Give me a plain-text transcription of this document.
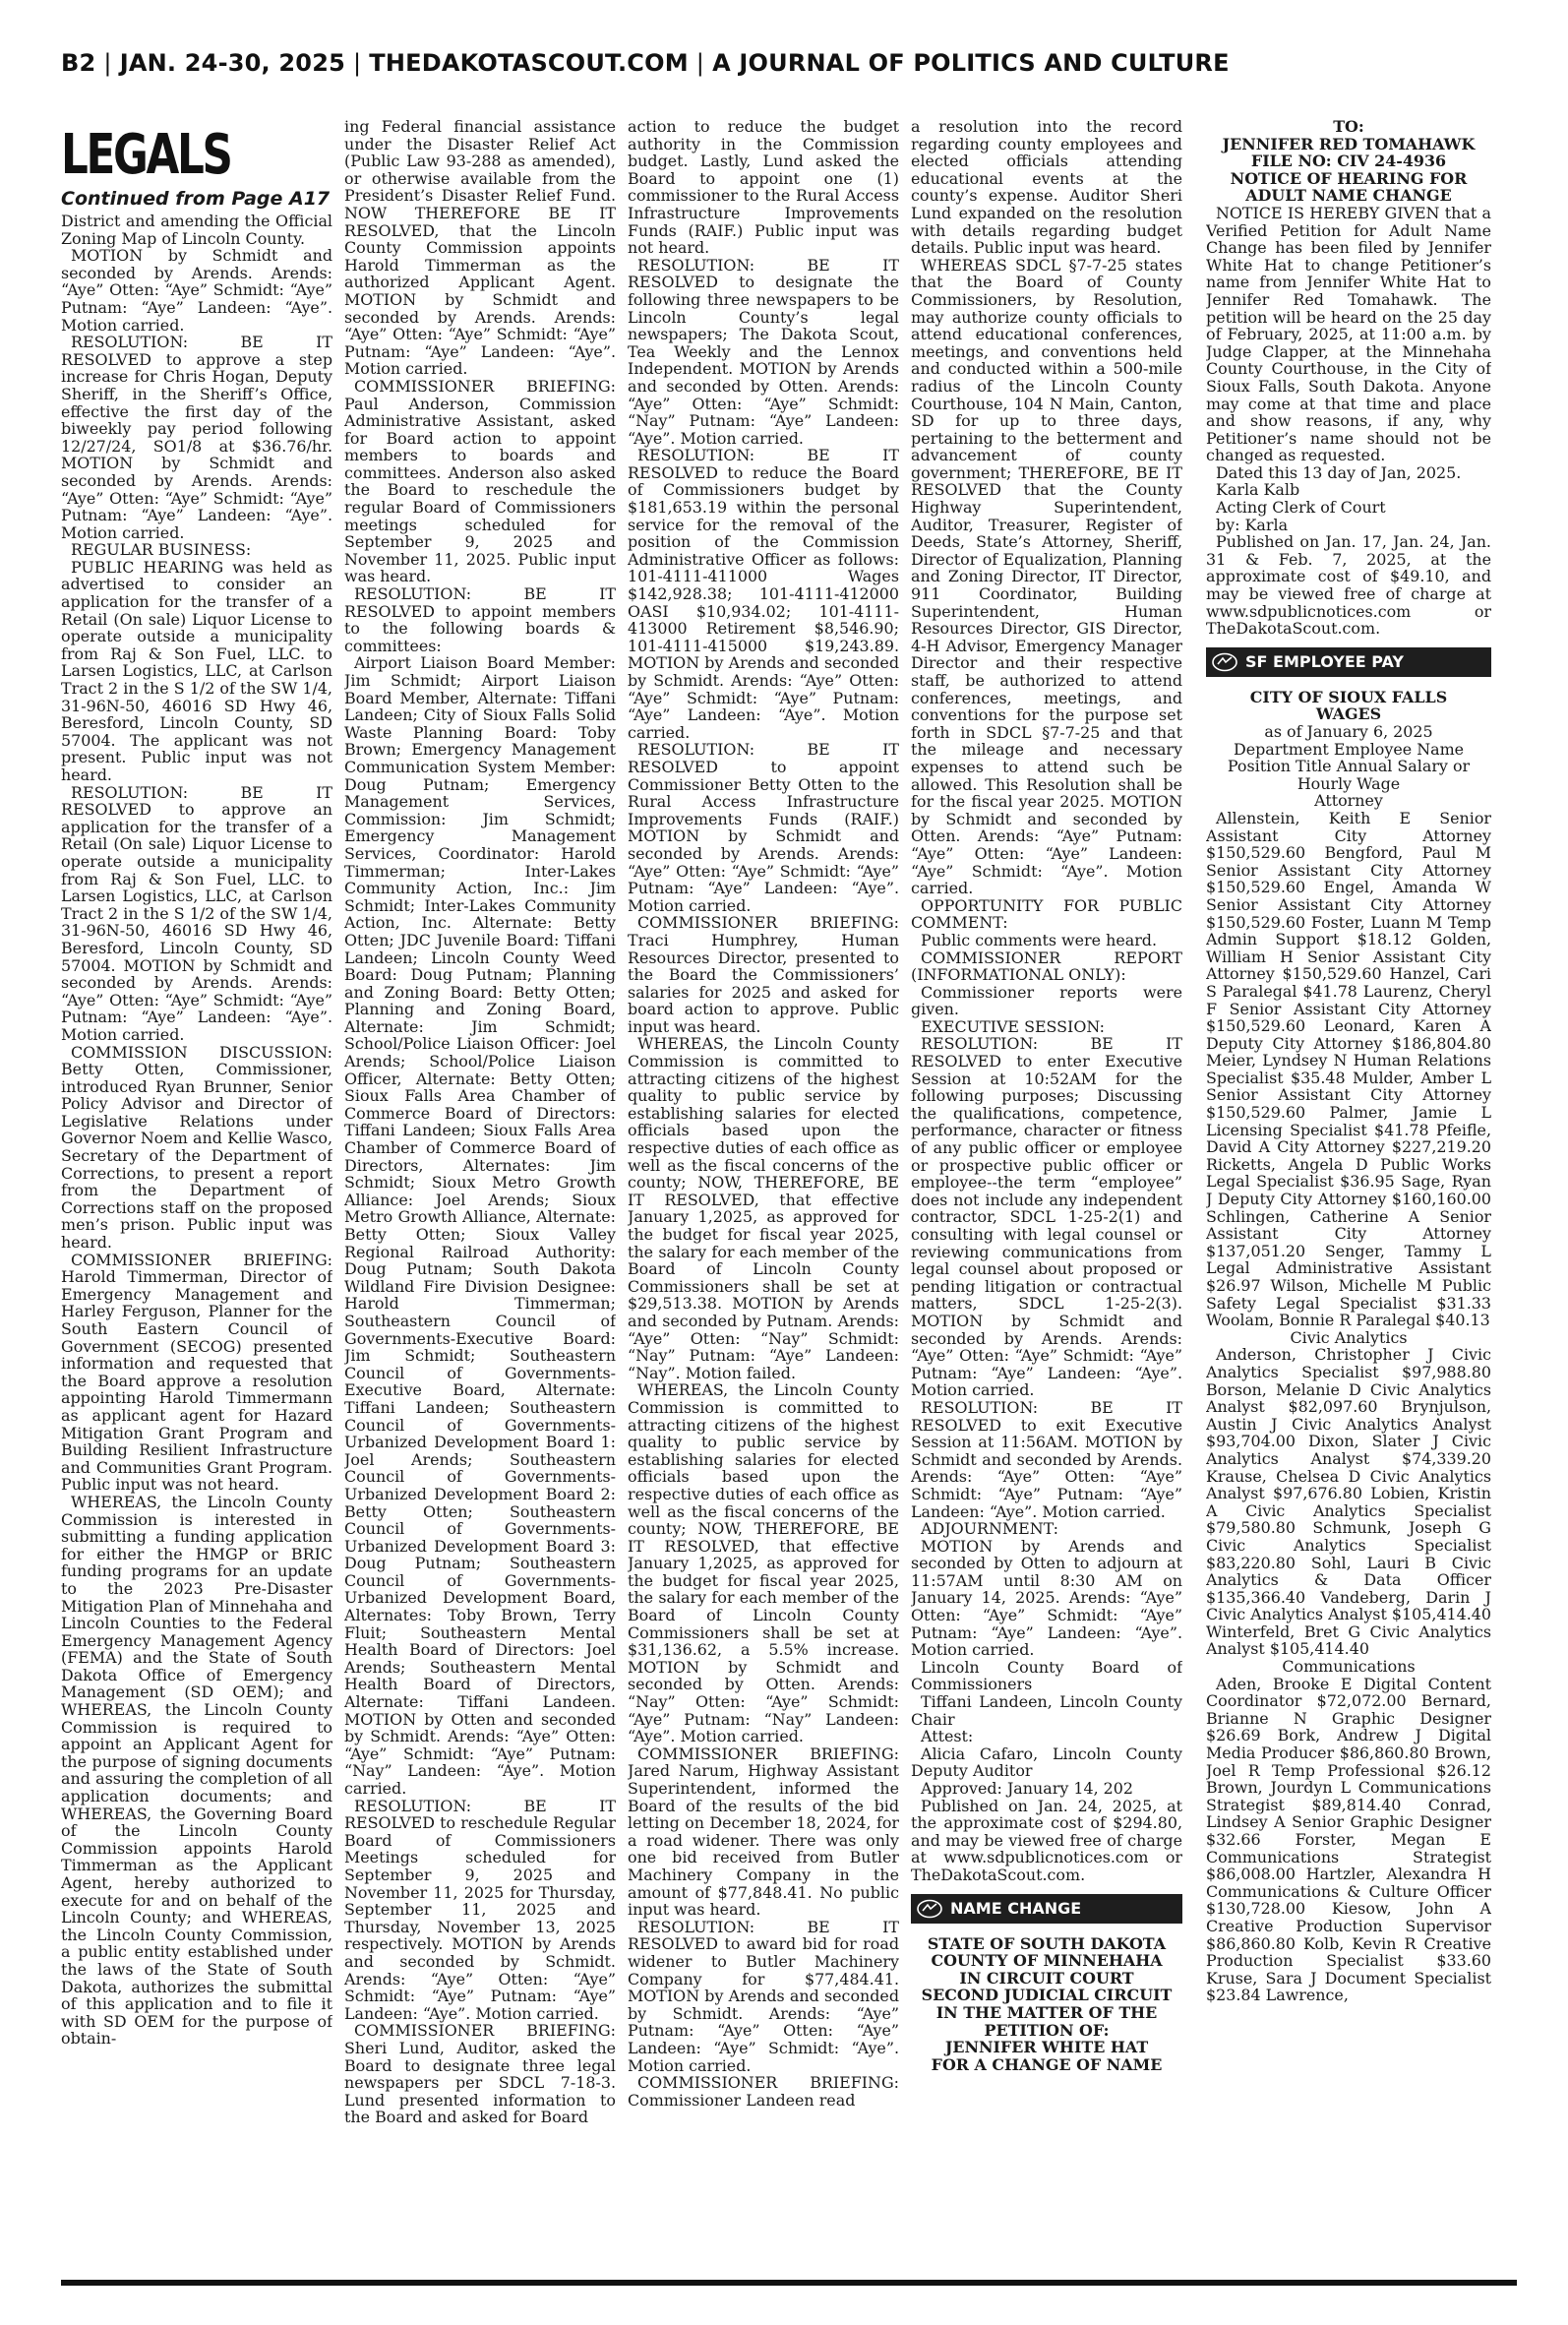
B2 | JAN. 24-30, 2025 | THEDAKOTASCOUT.COM | A JOURNAL OF POLITICS AND CULTURE
LEGALS
Continued from Page A17

District and amending the Official Zoning Map of Lincoln County.

MOTION by Schmidt and seconded by Arends. Arends: “Aye” Otten: “Aye” Schmidt: “Aye” Putnam: “Aye” Landeen: “Aye”. Motion carried.

RESOLUTION: BE IT RESOLVED to approve a step increase for Chris Hogan, Deputy Sheriff, in the Sheriff’s Office, effective the first day of the biweekly pay period following 12/27/24, SO1/8 at $36.76/hr. MOTION by Schmidt and seconded by Arends. Arends: “Aye” Otten: “Aye” Schmidt: “Aye” Putnam: “Aye” Landeen: “Aye”. Motion carried.

REGULAR BUSINESS:

PUBLIC HEARING was held as advertised to consider an application for the transfer of a Retail (On sale) Liquor License to operate outside a municipality from Raj & Son Fuel, LLC. to Larsen Logistics, LLC, at Carlson Tract 2 in the S 1/2 of the SW 1/4, 31-96N-50, 46016 SD Hwy 46, Beresford, Lincoln County, SD 57004. The applicant was not present. Public input was not heard.

RESOLUTION: BE IT RESOLVED to approve an application for the transfer of a Retail (On sale) Liquor License to operate outside a municipality from Raj & Son Fuel, LLC. to Larsen Logistics, LLC, at Carlson Tract 2 in the S 1/2 of the SW 1/4, 31-96N-50, 46016 SD Hwy 46, Beresford, Lincoln County, SD 57004. MOTION by Schmidt and seconded by Arends. Arends: “Aye” Otten: “Aye” Schmidt: “Aye” Putnam: “Aye” Landeen: “Aye”. Motion carried.

COMMISSION DISCUSSION: Betty Otten, Commissioner, introduced Ryan Brunner, Senior Policy Advisor and Director of Legislative Relations under Governor Noem and Kellie Wasco, Secretary of the Department of Corrections, to present a report from the Department of Corrections staff on the proposed men’s prison. Public input was heard.

COMMISSIONER BRIEFING: Harold Timmerman, Director of Emergency Management and Harley Ferguson, Planner for the South Eastern Council of Government (SECOG) presented information and requested that the Board approve a resolution appointing Harold Timmermann as applicant agent for Hazard Mitigation Grant Program and Building Resilient Infrastructure and Communities Grant Program. Public input was not heard.

WHEREAS, the Lincoln County Commission is interested in submitting a funding application for either the HMGP or BRIC funding programs for an update to the 2023 Pre-Disaster Mitigation Plan of Minnehaha and Lincoln Counties to the Federal Emergency Management Agency (FEMA) and the State of South Dakota Office of Emergency Management (SD OEM); and WHEREAS, the Lincoln County Commission is required to appoint an Applicant Agent for the purpose of signing documents and assuring the completion of all application documents; and WHEREAS, the Governing Board of the Lincoln County Commission appoints Harold Timmerman as the Applicant Agent, hereby authorized to execute for and on behalf of the Lincoln County; and WHEREAS, the Lincoln County Commission, a public entity established under the laws of the State of South Dakota, authorizes the submittal of this application and to file it with SD OEM for the purpose of obtain-

ing Federal financial assistance under the Disaster Relief Act (Public Law 93-288 as amended), or otherwise available from the President’s Disaster Relief Fund. NOW THEREFORE BE IT RESOLVED, that the Lincoln County Commission appoints Harold Timmerman as the authorized Applicant Agent. MOTION by Schmidt and seconded by Arends. Arends: “Aye” Otten: “Aye” Schmidt: “Aye” Putnam: “Aye” Landeen: “Aye”. Motion carried.

COMMISSIONER BRIEFING: Paul Anderson, Commission Administrative Assistant, asked for Board action to appoint members to boards and committees. Anderson also asked the Board to reschedule the regular Board of Commissioners meetings scheduled for September 9, 2025 and November 11, 2025. Public input was heard.

RESOLUTION: BE IT RESOLVED to appoint members to the following boards & committees:

Airport Liaison Board Member: Jim Schmidt; Airport Liaison Board Member, Alternate: Tiffani Landeen; City of Sioux Falls Solid Waste Planning Board: Toby Brown; Emergency Management Communication System Member: Doug Putnam; Emergency Management Services, Commission: Jim Schmidt; Emergency Management Services, Coordinator: Harold Timmerman; Inter-Lakes Community Action, Inc.: Jim Schmidt; Inter-Lakes Community Action, Inc. Alternate: Betty Otten; JDC Juvenile Board: Tiffani Landeen; Lincoln County Weed Board: Doug Putnam; Planning and Zoning Board: Betty Otten; Planning and Zoning Board, Alternate: Jim Schmidt; School/Police Liaison Officer: Joel Arends; School/Police Liaison Officer, Alternate: Betty Otten; Sioux Falls Area Chamber of Commerce Board of Directors: Tiffani Landeen; Sioux Falls Area Chamber of Commerce Board of Directors, Alternates: Jim Schmidt; Sioux Metro Growth Alliance: Joel Arends; Sioux Metro Growth Alliance, Alternate: Betty Otten; Sioux Valley Regional Railroad Authority: Doug Putnam; South Dakota Wildland Fire Division Designee: Harold Timmerman; Southeastern Council of Governments-Executive Board: Jim Schmidt; Southeastern Council of Governments-Executive Board, Alternate: Tiffani Landeen; Southeastern Council of Governments-Urbanized Development Board 1: Joel Arends; Southeastern Council of Governments-Urbanized Development Board 2: Betty Otten; Southeastern Council of Governments-Urbanized Development Board 3: Doug Putnam; Southeastern Council of Governments-Urbanized Development Board, Alternates: Toby Brown, Terry Fluit; Southeastern Mental Health Board of Directors: Joel Arends; Southeastern Mental Health Board of Directors, Alternate: Tiffani Landeen. MOTION by Otten and seconded by Schmidt. Arends: “Aye” Otten: “Aye” Schmidt: “Aye” Putnam: “Nay” Landeen: “Aye”. Motion carried.

RESOLUTION: BE IT RESOLVED to reschedule Regular Board of Commissioners Meetings scheduled for September 9, 2025 and November 11, 2025 for Thursday, September 11, 2025 and Thursday, November 13, 2025 respectively. MOTION by Arends and seconded by Schmidt. Arends: “Aye” Otten: “Aye” Schmidt: “Aye” Putnam: “Aye” Landeen: “Aye”. Motion carried.

COMMISSIONER BRIEFING: Sheri Lund, Auditor, asked the Board to designate three legal newspapers per SDCL 7-18-3. Lund presented information to the Board and asked for Board

action to reduce the budget authority in the Commission budget. Lastly, Lund asked the Board to appoint one (1) commissioner to the Rural Access Infrastructure Improvements Funds (RAIF.) Public input was not heard.

RESOLUTION: BE IT RESOLVED to designate the following three newspapers to be Lincoln County’s legal newspapers; The Dakota Scout, Tea Weekly and the Lennox Independent. MOTION by Arends and seconded by Otten. Arends: “Aye” Otten: “Aye” Schmidt: “Nay” Putnam: “Aye” Landeen: “Aye”. Motion carried.

RESOLUTION: BE IT RESOLVED to reduce the Board of Commissioners budget by $181,653.19 within the personal service for the removal of the position of the Commission Administrative Officer as follows: 101-4111-411000 Wages $142,928.38; 101-4111-412000 OASI $10,934.02; 101-4111-413000 Retirement $8,546.90; 101-4111-415000 $19,243.89. MOTION by Arends and seconded by Schmidt. Arends: “Aye” Otten: “Aye” Schmidt: “Aye” Putnam: “Aye” Landeen: “Aye”. Motion carried.

RESOLUTION: BE IT RESOLVED to appoint Commissioner Betty Otten to the Rural Access Infrastructure Improvements Funds (RAIF.) MOTION by Schmidt and seconded by Arends. Arends: “Aye” Otten: “Aye” Schmidt: “Aye” Putnam: “Aye” Landeen: “Aye”. Motion carried.

COMMISSIONER BRIEFING: Traci Humphrey, Human Resources Director, presented to the Board the Commissioners’ salaries for 2025 and asked for board action to approve. Public input was heard.

WHEREAS, the Lincoln County Commission is committed to attracting citizens of the highest quality to public service by establishing salaries for elected officials based upon the respective duties of each office as well as the fiscal concerns of the county; NOW, THEREFORE, BE IT RESOLVED, that effective January 1,2025, as approved for the budget for fiscal year 2025, the salary for each member of the Board of Lincoln County Commissioners shall be set at $29,513.38. MOTION by Arends and seconded by Putnam. Arends: “Aye” Otten: “Nay” Schmidt: “Nay” Putnam: “Aye” Landeen: “Nay”. Motion failed.

WHEREAS, the Lincoln County Commission is committed to attracting citizens of the highest quality to public service by establishing salaries for elected officials based upon the respective duties of each office as well as the fiscal concerns of the county; NOW, THEREFORE, BE IT RESOLVED, that effective January 1,2025, as approved for the budget for fiscal year 2025, the salary for each member of the Board of Lincoln County Commissioners shall be set at $31,136.62, a 5.5% increase. MOTION by Schmidt and seconded by Otten. Arends: “Nay” Otten: “Aye” Schmidt: “Aye” Putnam: “Nay” Landeen: “Aye”. Motion carried.

COMMISSIONER BRIEFING: Jared Narum, Highway Assistant Superintendent, informed the Board of the results of the bid letting on December 18, 2024, for a road widener. There was only one bid received from Butler Machinery Company in the amount of $77,848.41. No public input was heard.

RESOLUTION: BE IT RESOLVED to award bid for road widener to Butler Machinery Company for $77,484.41. MOTION by Arends and seconded by Schmidt. Arends: “Aye” Putnam: “Aye” Otten: “Aye” Landeen: “Aye” Schmidt: “Aye”. Motion carried.

COMMISSIONER BRIEFING: Commissioner Landeen read

a resolution into the record regarding county employees and elected officials attending educational events at the county’s expense. Auditor Sheri Lund expanded on the resolution with details regarding budget details. Public input was heard.

WHEREAS SDCL §7-7-25 states that the Board of County Commissioners, by Resolution, may authorize county officials to attend educational conferences, meetings, and conventions held and conducted within a 500-mile radius of the Lincoln County Courthouse, 104 N Main, Canton, SD for up to three days, pertaining to the betterment and advancement of county government; THEREFORE, BE IT RESOLVED that the County Highway Superintendent, Auditor, Treasurer, Register of Deeds, State’s Attorney, Sheriff, Director of Equalization, Planning and Zoning Director, IT Director, 911 Coordinator, Building Superintendent, Human Resources Director, GIS Director, 4-H Advisor, Emergency Manager Director and their respective staff, be authorized to attend conferences, meetings, and conventions for the purpose set forth in SDCL §7-7-25 and that the mileage and necessary expenses to attend such be allowed. This Resolution shall be for the fiscal year 2025. MOTION by Schmidt and seconded by Otten. Arends: “Aye” Putnam: “Aye” Otten: “Aye” Landeen: “Aye” Schmidt: “Aye”. Motion carried.

OPPORTUNITY FOR PUBLIC COMMENT:

Public comments were heard.

COMMISSIONER REPORT (INFORMATIONAL ONLY):

Commissioner reports were given.

EXECUTIVE SESSION:

RESOLUTION: BE IT RESOLVED to enter Executive Session at 10:52AM for the following purposes; Discussing the qualifications, competence, performance, character or fitness of any public officer or employee or prospective public officer or employee--the term “employee” does not include any independent contractor, SDCL 1-25-2(1) and consulting with legal counsel or reviewing communications from legal counsel about proposed or pending litigation or contractual matters, SDCL 1-25-2(3). MOTION by Schmidt and seconded by Arends. Arends: “Aye” Otten: “Aye” Schmidt: “Aye” Putnam: “Aye” Landeen: “Aye”. Motion carried.

RESOLUTION: BE IT RESOLVED to exit Executive Session at 11:56AM. MOTION by Schmidt and seconded by Arends. Arends: “Aye” Otten: “Aye” Schmidt: “Aye” Putnam: “Aye” Landeen: “Aye”. Motion carried.

ADJOURNMENT:

MOTION by Arends and seconded by Otten to adjourn at 11:57AM until 8:30 AM on January 14, 2025. Arends: “Aye” Otten: “Aye” Schmidt: “Aye” Putnam: “Aye” Landeen: “Aye”. Motion carried.

Lincoln County Board of Commissioners

Tiffani Landeen, Lincoln County Chair

Attest:

Alicia Cafaro, Lincoln County Deputy Auditor

Approved: January 14, 202

Published on Jan. 24, 2025, at the approximate cost of $294.80, and may be viewed free of charge at www.sdpublicnotices.com or TheDakotaScout.com.

NAME CHANGE

STATE OF SOUTH DAKOTA

COUNTY OF MINNEHAHA

IN CIRCUIT COURT

SECOND JUDICIAL CIRCUIT

IN THE MATTER OF THE

PETITION OF:

JENNIFER WHITE HAT

FOR A CHANGE OF NAME

TO:

JENNIFER RED TOMAHAWK

FILE NO: CIV 24-4936

NOTICE OF HEARING FOR

ADULT NAME CHANGE

NOTICE IS HEREBY GIVEN that a Verified Petition for Adult Name Change has been filed by Jennifer White Hat to change Petitioner’s name from Jennifer White Hat to Jennifer Red Tomahawk. The petition will be heard on the 25 day of February, 2025, at 11:00 a.m. by Judge Clapper, at the Minnehaha County Courthouse, in the City of Sioux Falls, South Dakota. Anyone may come at that time and place and show reasons, if any, why Petitioner’s name should not be changed as requested.

Dated this 13 day of Jan, 2025.

Karla Kalb

Acting Clerk of Court

by: Karla

Published on Jan. 17, Jan. 24, Jan. 31 & Feb. 7, 2025, at the approximate cost of $49.10, and may be viewed free of charge at www.sdpublicnotices.com or TheDakotaScout.com.

SF EMPLOYEE PAY

CITY OF SIOUX FALLS

WAGES

as of January 6, 2025

Department Employee Name

Position Title Annual Salary or

Hourly Wage

Attorney

Allenstein, Keith E Senior Assistant City Attorney $150,529.60 Bengford, Paul M Senior Assistant City Attorney $150,529.60 Engel, Amanda W Senior Assistant City Attorney $150,529.60 Foster, Luann M Temp Admin Support $18.12 Golden, William H Senior Assistant City Attorney $150,529.60 Hanzel, Cari S Paralegal $41.78 Laurenz, Cheryl F Senior Assistant City Attorney $150,529.60 Leonard, Karen A Deputy City Attorney $186,804.80 Meier, Lyndsey N Human Relations Specialist $35.48 Mulder, Amber L Senior Assistant City Attorney $150,529.60 Palmer, Jamie L Licensing Specialist $41.78 Pfeifle, David A City Attorney $227,219.20 Ricketts, Angela D Public Works Legal Specialist $36.95 Sage, Ryan J Deputy City Attorney $160,160.00 Schlingen, Catherine A Senior Assistant City Attorney $137,051.20 Senger, Tammy L Legal Administrative Assistant $26.97 Wilson, Michelle M Public Safety Legal Specialist $31.33 Woolam, Bonnie R Paralegal $40.13

Civic Analytics

Anderson, Christopher J Civic Analytics Specialist $97,988.80 Borson, Melanie D Civic Analytics Analyst $82,097.60 Brynjulson, Austin J Civic Analytics Analyst $93,704.00 Dixon, Slater J Civic Analytics Analyst $74,339.20 Krause, Chelsea D Civic Analytics Analyst $97,676.80 Lobien, Kristin A Civic Analytics Specialist $79,580.80 Schmunk, Joseph G Civic Analytics Specialist $83,220.80 Sohl, Lauri B Civic Analytics & Data Officer $135,366.40 Vandeberg, Darin J Civic Analytics Analyst $105,414.40 Winterfeld, Bret G Civic Analytics Analyst $105,414.40

Communications

Aden, Brooke E Digital Content Coordinator $72,072.00 Bernard, Brianne N Graphic Designer $26.69 Bork, Andrew J Digital Media Producer $86,860.80 Brown, Joel R Temp Professional $26.12 Brown, Jourdyn L Communications Strategist $89,814.40 Conrad, Lindsey A Senior Graphic Designer $32.66 Forster, Megan E Communications Strategist $86,008.00 Hartzler, Alexandra H Communications & Culture Officer $130,728.00 Kiesow, John A Creative Production Supervisor $86,860.80 Kolb, Kevin R Creative Production Specialist $33.60 Kruse, Sara J Document Specialist $23.84 Lawrence,
